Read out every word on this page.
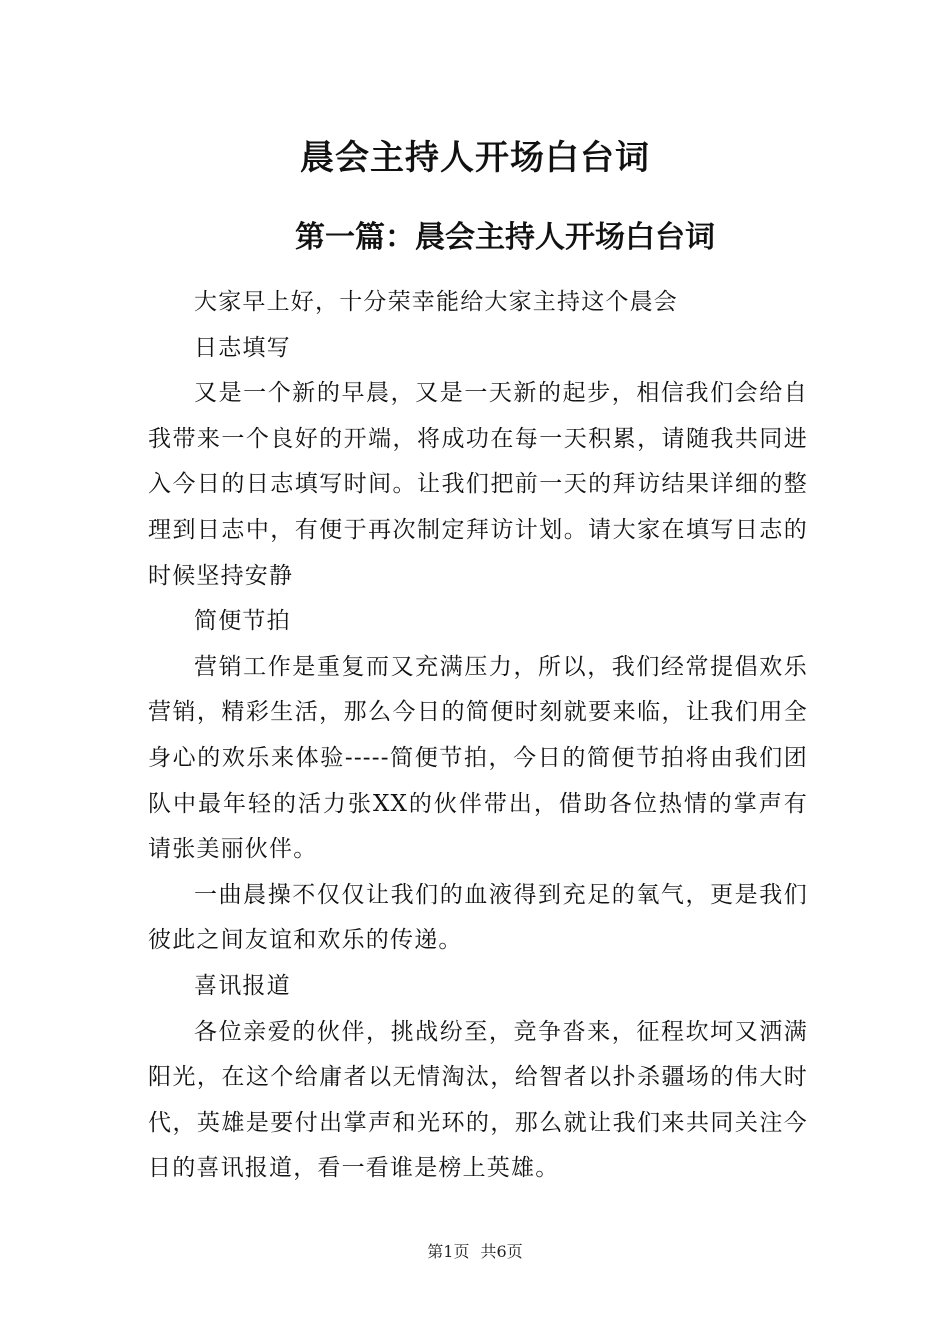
晨会主持人开场白台词
第一篇：晨会主持人开场白台词

大家早上好，十分荣幸能给大家主持这个晨会

日志填写

又是一个新的早晨，又是一天新的起步，相信我们会给自我带来一个良好的开端，将成功在每一天积累，请随我共同进入今日的日志填写时间。让我们把前一天的拜访结果详细的整理到日志中，有便于再次制定拜访计划。请大家在填写日志的时候坚持安静

简便节拍

营销工作是重复而又充满压力，所以，我们经常提倡欢乐营销，精彩生活，那么今日的简便时刻就要来临，让我们用全身心的欢乐来体验-----简便节拍，今日的简便节拍将由我们团队中最年轻的活力张XX的伙伴带出，借助各位热情的掌声有请张美丽伙伴。

一曲晨操不仅仅让我们的血液得到充足的氧气，更是我们彼此之间友谊和欢乐的传递。

喜讯报道

各位亲爱的伙伴，挑战纷至，竞争沓来，征程坎坷又洒满阳光，在这个给庸者以无情淘汰，给智者以扑杀疆场的伟大时代，英雄是要付出掌声和光环的，那么就让我们来共同关注今日的喜讯报道，看一看谁是榜上英雄。

第1页 共6页
